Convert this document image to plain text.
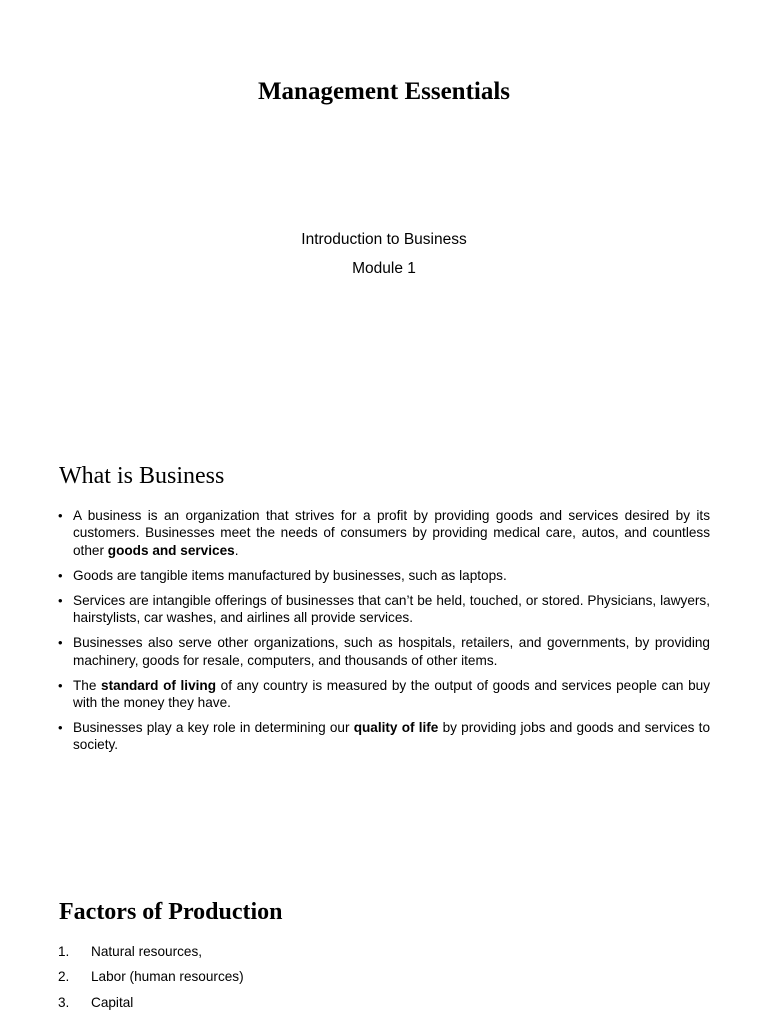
Management Essentials

Introduction to Business

Module 1

What is Business
• A business is an organization that strives for a profit by providing goods and services desired by its customers. Businesses meet the needs of consumers by providing medical care, autos, and countless other goods and services.
• Goods are tangible items manufactured by businesses, such as laptops.
• Services are intangible offerings of businesses that can’t be held, touched, or stored. Physicians, lawyers, hairstylists, car washes, and airlines all provide services.
• Businesses also serve other organizations, such as hospitals, retailers, and governments, by providing machinery, goods for resale, computers, and thousands of other items.
• The standard of living of any country is measured by the output of goods and services people can buy with the money they have.
• Businesses play a key role in determining our quality of life by providing jobs and goods and services to society.
Factors of Production
1. Natural resources,
2. Labor (human resources)
3. Capital
